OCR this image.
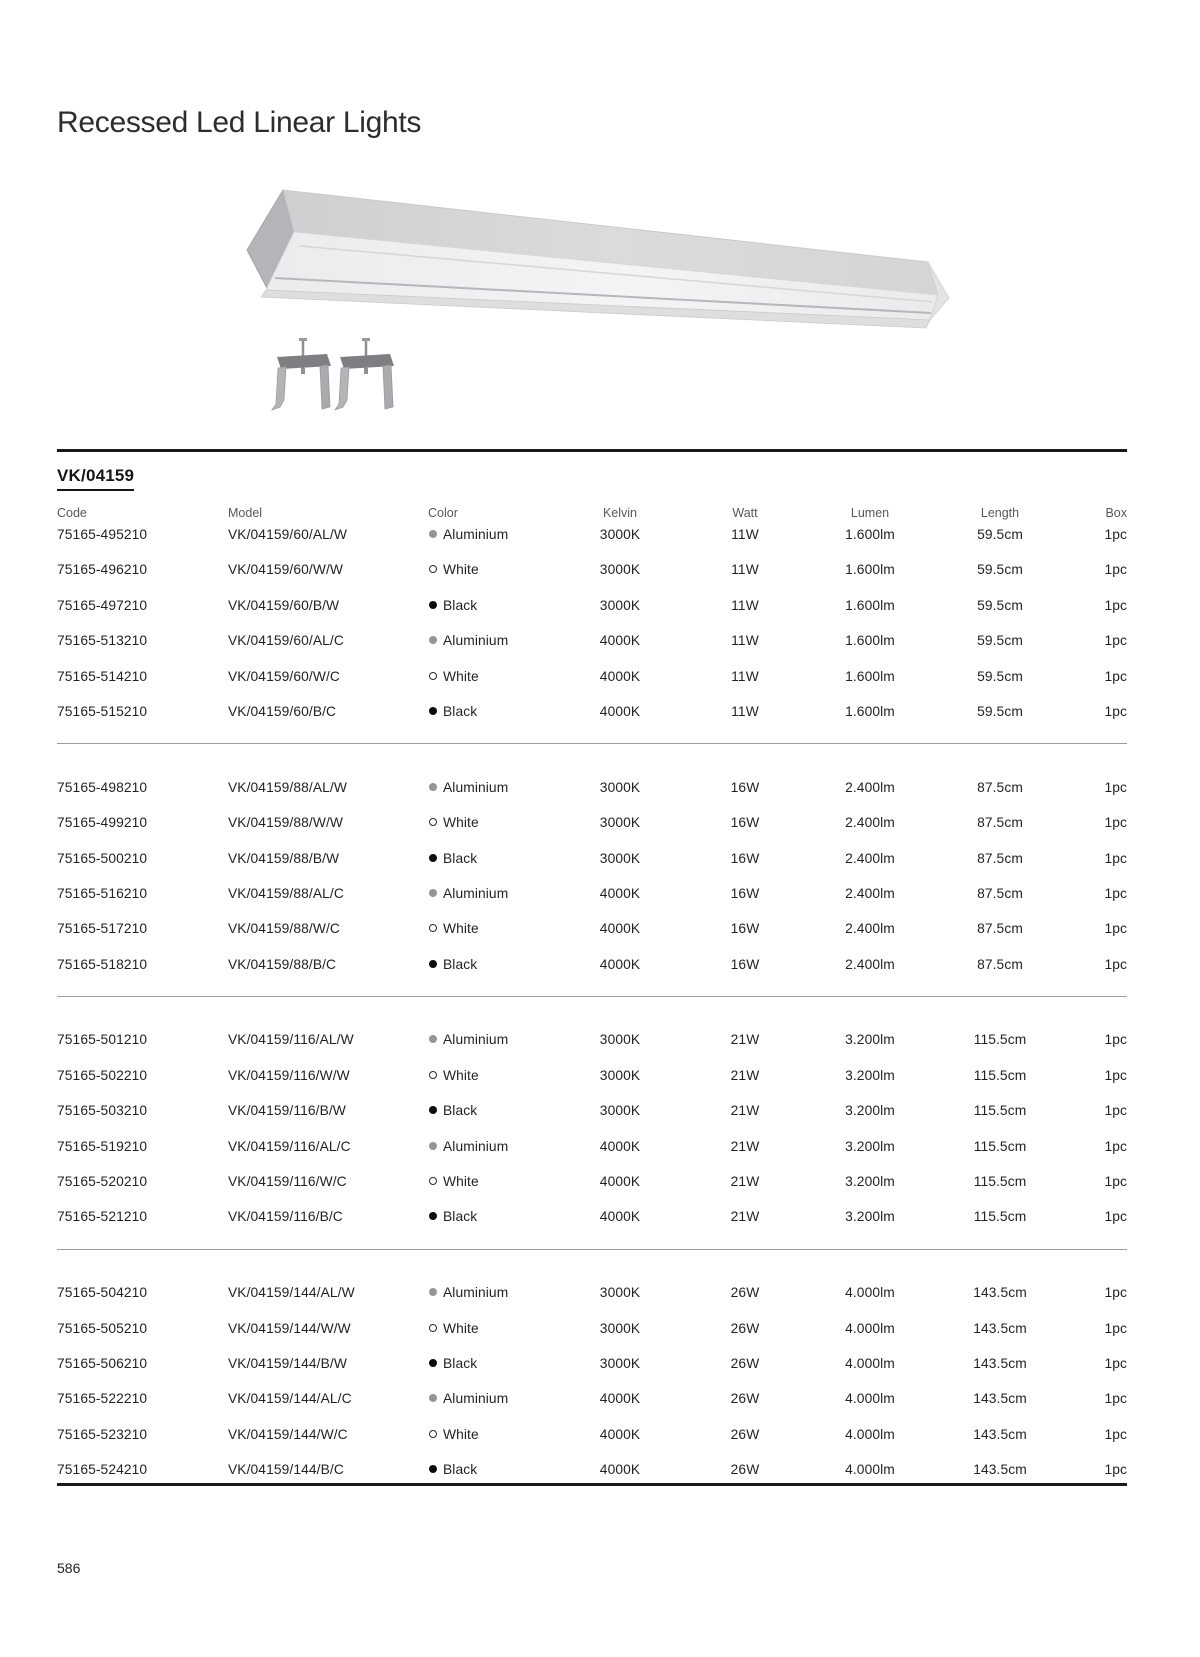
Recessed Led Linear Lights
VK/04159
Code	Model	Color	Kelvin	Watt	Lumen	Length	Box
75165-495210	VK/04159/60/AL/W	Aluminium	3000K	11W	1.600lm	59.5cm	1pc
75165-496210	VK/04159/60/W/W	White	3000K	11W	1.600lm	59.5cm	1pc
75165-497210	VK/04159/60/B/W	Black	3000K	11W	1.600lm	59.5cm	1pc
75165-513210	VK/04159/60/AL/C	Aluminium	4000K	11W	1.600lm	59.5cm	1pc
75165-514210	VK/04159/60/W/C	White	4000K	11W	1.600lm	59.5cm	1pc
75165-515210	VK/04159/60/B/C	Black	4000K	11W	1.600lm	59.5cm	1pc
75165-498210	VK/04159/88/AL/W	Aluminium	3000K	16W	2.400lm	87.5cm	1pc
75165-499210	VK/04159/88/W/W	White	3000K	16W	2.400lm	87.5cm	1pc
75165-500210	VK/04159/88/B/W	Black	3000K	16W	2.400lm	87.5cm	1pc
75165-516210	VK/04159/88/AL/C	Aluminium	4000K	16W	2.400lm	87.5cm	1pc
75165-517210	VK/04159/88/W/C	White	4000K	16W	2.400lm	87.5cm	1pc
75165-518210	VK/04159/88/B/C	Black	4000K	16W	2.400lm	87.5cm	1pc
75165-501210	VK/04159/116/AL/W	Aluminium	3000K	21W	3.200lm	115.5cm	1pc
75165-502210	VK/04159/116/W/W	White	3000K	21W	3.200lm	115.5cm	1pc
75165-503210	VK/04159/116/B/W	Black	3000K	21W	3.200lm	115.5cm	1pc
75165-519210	VK/04159/116/AL/C	Aluminium	4000K	21W	3.200lm	115.5cm	1pc
75165-520210	VK/04159/116/W/C	White	4000K	21W	3.200lm	115.5cm	1pc
75165-521210	VK/04159/116/B/C	Black	4000K	21W	3.200lm	115.5cm	1pc
75165-504210	VK/04159/144/AL/W	Aluminium	3000K	26W	4.000lm	143.5cm	1pc
75165-505210	VK/04159/144/W/W	White	3000K	26W	4.000lm	143.5cm	1pc
75165-506210	VK/04159/144/B/W	Black	3000K	26W	4.000lm	143.5cm	1pc
75165-522210	VK/04159/144/AL/C	Aluminium	4000K	26W	4.000lm	143.5cm	1pc
75165-523210	VK/04159/144/W/C	White	4000K	26W	4.000lm	143.5cm	1pc
75165-524210	VK/04159/144/B/C	Black	4000K	26W	4.000lm	143.5cm	1pc
586
